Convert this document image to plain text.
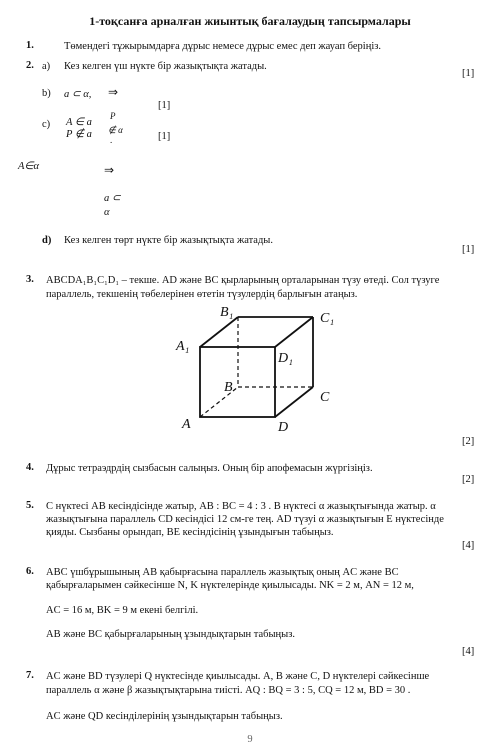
1-тоқсанға арналған жиынтық бағалаудың тапсырмалары
1.	Төмендегі тұжырымдарға дұрыс немесе дұрыс емес деп жауап беріңіз.
2. a) Кез келген үш нүкте бір жазықтықта жатады.
[1]
b) a ⊂ α, ⇒
[1]
c) A ∈ a
P ∉ a
P
∉ α
.	[1]
A∈α	⇒
a ⊂
α
d) Кез келген төрт нүкте бір жазықтықта жатады.
[1]
3. ABCDA₁B₁C₁D₁ – текше. AD және BC қырларының орталарынан түзу өтеді. Сол түзуге
параллель, текшенің төбелерінен өтетін түзулердің барлығын атаңыз.
B₁	C₁
A₁
D₁
B
C
A	D
[2]
4. Дұрыс тетраэдрдің сызбасын салыңыз. Оның бір апофемасын жүргізіңіз.
[2]
5. C нүктесі AB кесіндісінде жатыр, AB : BC = 4 : 3 . B нүктесі α жазықтығында жатыр. α
жазықтығына параллель CD кесіндісі 12 см-ге тең. AD түзуі α жазықтығын E нүктесінде
қияды. Сызбаны орындап, BE кесіндісінің ұзындығын табыңыз.
[4]
6. ABC үшбұрышының AB қабырғасына параллель жазықтық оның AC және BC
қабырғаларымен сәйкесінше N, K нүктелерінде қиылысады. NK = 2 м, AN = 12 м,
AC = 16 м, BK = 9 м екені белгілі.
AB және BC қабырғаларының ұзындықтарын табыңыз.
[4]
7. AC және BD түзулері Q нүктесінде қиылысады. A, B және C, D нүктелері сәйкесінше
параллель α және β жазықтықтарына тиісті. AQ : BQ = 3 : 5, CQ = 12 м, BD = 30 .
AC және QD кесінділерінің ұзындықтарын табыңыз.
9
